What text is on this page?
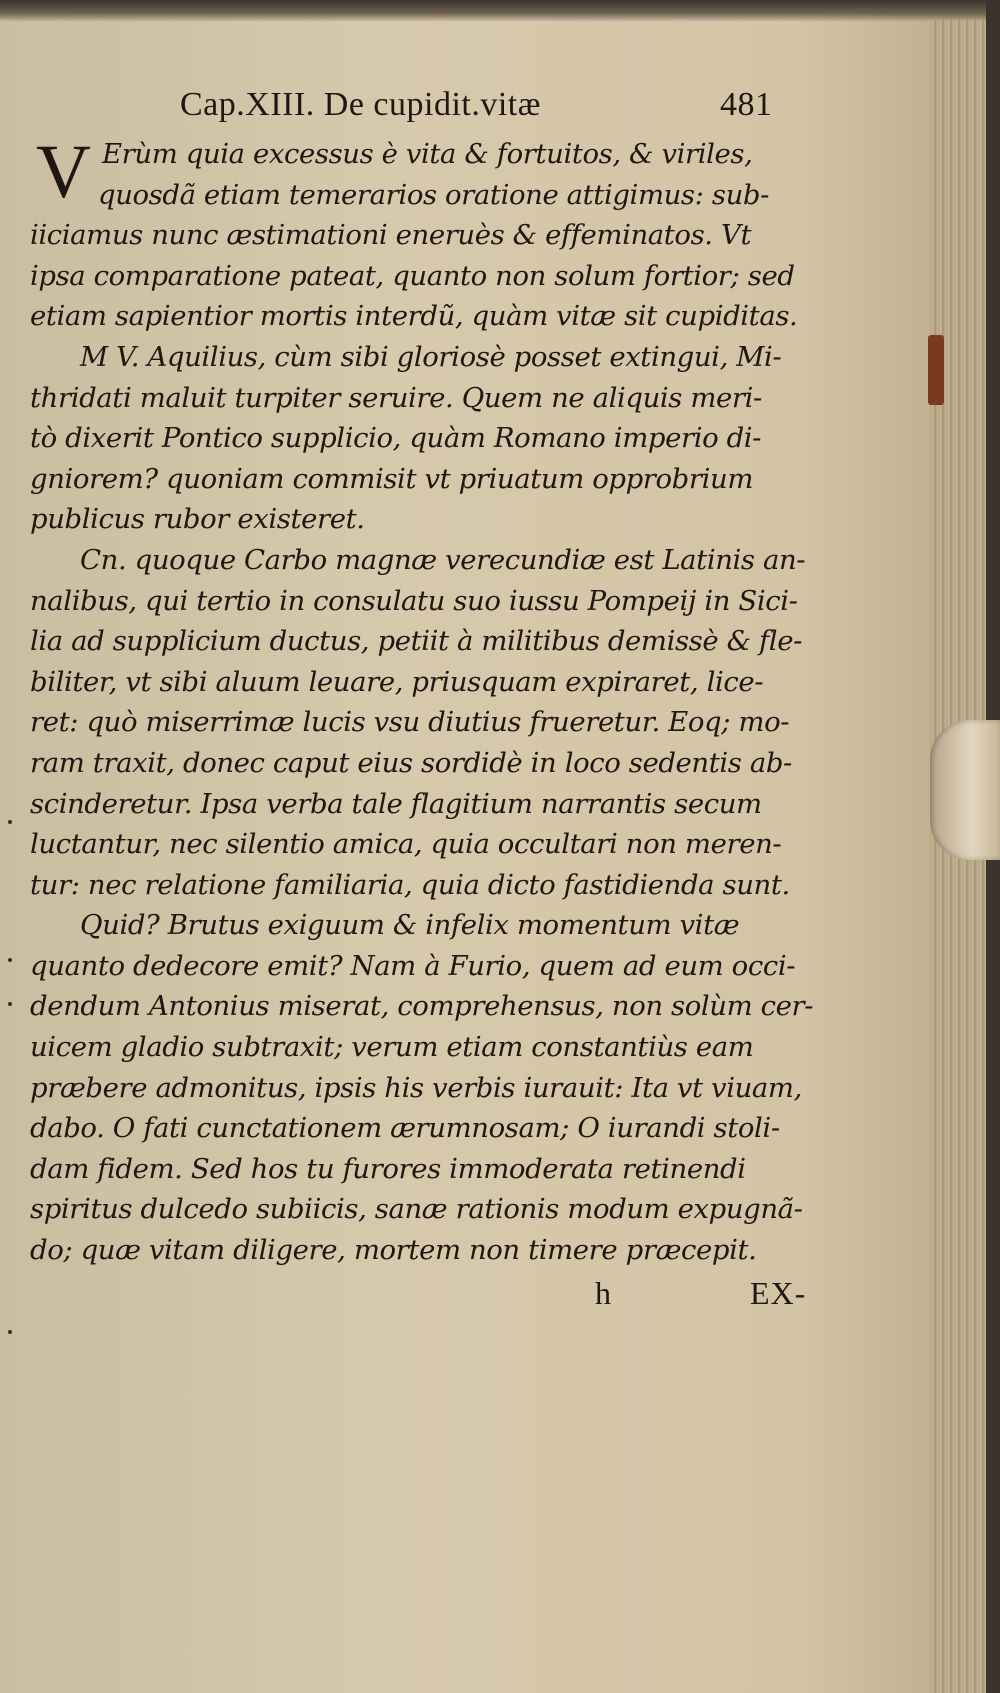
Cap.XIII. De cupidit.vitæ	481
V Erùm quia excessus è vita & fortuitos, & viriles,
quosdã etiam temerarios oratione attigimus: sub-
iiciamus nunc æstimationi eneruès & effeminatos. Vt
ipsa comparatione pateat, quanto non solum fortior; sed
etiam sapientior mortis interdũ, quàm vitæ sit cupiditas.
M V. Aquilius, cùm sibi gloriosè posset extingui, Mi-
thridati maluit turpiter seruire. Quem ne aliquis meri-
tò dixerit Pontico supplicio, quàm Romano imperio di-
gniorem? quoniam commisit vt priuatum opprobrium
publicus rubor existeret.
Cn. quoque Carbo magnæ verecundiæ est Latinis an-
nalibus, qui tertio in consulatu suo iussu Pompeij in Sici-
lia ad supplicium ductus, petiit à militibus demissè & fle-
biliter, vt sibi aluum leuare, priusquam expiraret, lice-
ret: quò miserrimæ lucis vsu diutius frueretur. Eoq; mo-
ram traxit, donec caput eius sordidè in loco sedentis ab-
scinderetur. Ipsa verba tale flagitium narrantis secum
luctantur, nec silentio amica, quia occultari non meren-
tur: nec relatione familiaria, quia dicto fastidienda sunt.
Quid? Brutus exiguum & infelix momentum vitæ
quanto dedecore emit? Nam à Furio, quem ad eum occi-
dendum Antonius miserat, comprehensus, non solùm cer-
uicem gladio subtraxit; verum etiam constantiùs eam
præbere admonitus, ipsis his verbis iurauit: Ita vt viuam,
dabo. O fati cunctationem ærumnosam; O iurandi stoli-
dam fidem. Sed hos tu furores immoderata retinendi
spiritus dulcedo subiicis, sanæ rationis modum expugnã-
do; quæ vitam diligere, mortem non timere præcepit.
h	EX-
